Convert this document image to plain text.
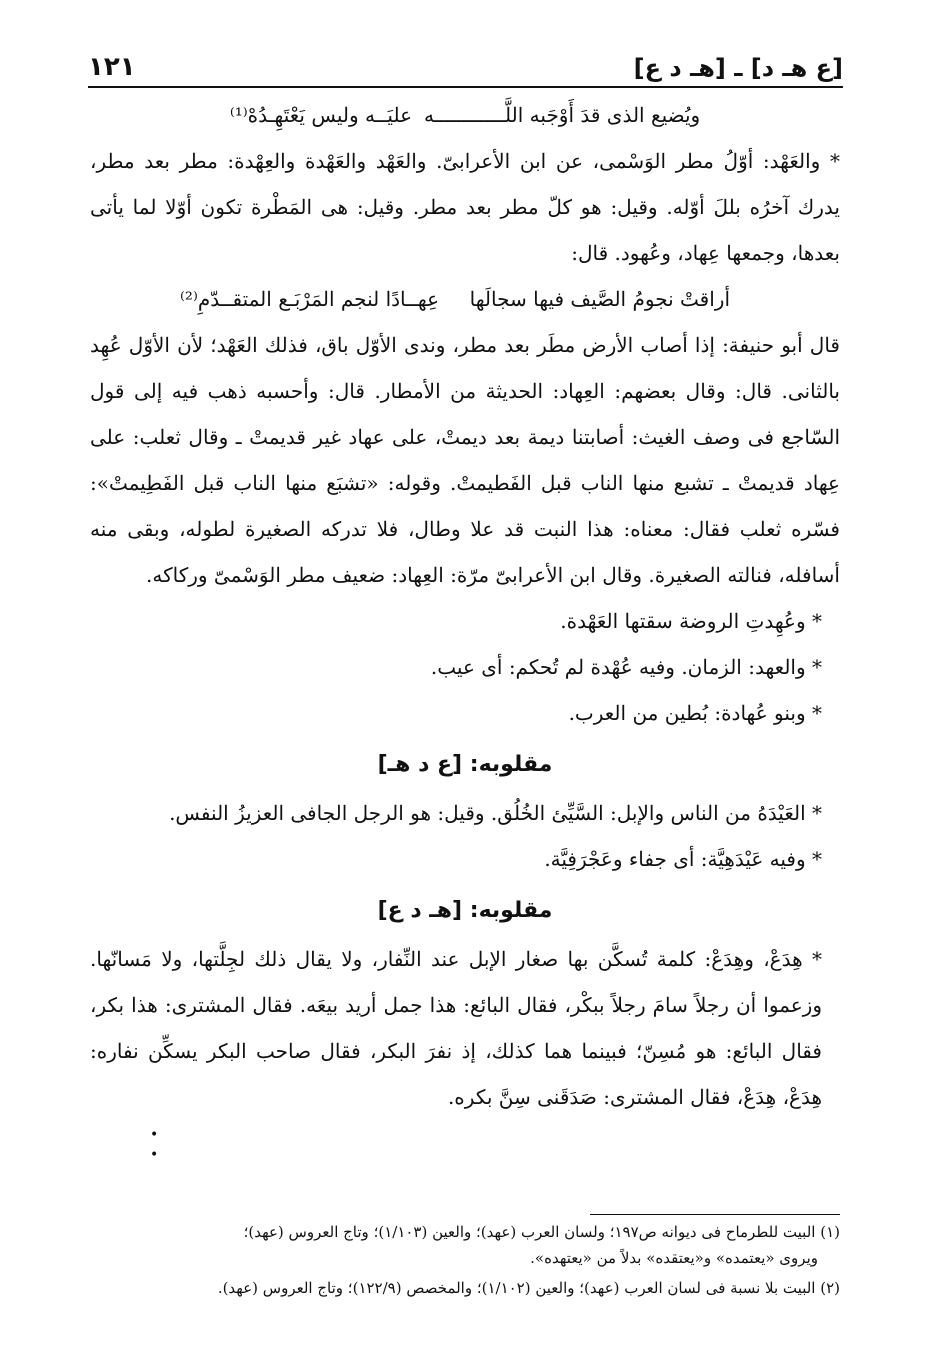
[ع هـ د] ـ [هـ د ع]
١٢١
ويُضيع الذى قدَ أَوْجَبه اللَّــــــــــــه
عليَــه وليس يَعْتَهِـدُهْ⁽¹⁾

* والعَهْد: أوّلُ مطر الوَسْمى، عن ابن الأعرابىّ. والعَهْد والعَهْدة والعِهْدة: مطر بعد مطر، يدرك آخرُه بللَ أوّله. وقيل: هو كلّ مطر بعد مطر. وقيل: هى المَطْرة تكون أوّلا لما يأتى بعدها، وجمعها عِهاد، وعُهود. قال:

أراقتْ نجومُ الصَّيف فيها سجالَها
عِهــادًا لنجم المَرْبَـع المتقــدّمِ⁽²⁾

قال أبو حنيفة: إذا أصاب الأرض مطَر بعد مطر، وندى الأوّل باق، فذلك العَهْد؛ لأن الأوّل عُهِد بالثانى. قال: وقال بعضهم: العِهاد: الحديثة من الأمطار. قال: وأحسبه ذهب فيه إلى قول السّاجع فى وصف الغيث: أصابتنا ديمة بعد ديمتْ، على عهاد غير قديمتْ ـ وقال ثعلب: على عِهاد قديمتْ ـ تشبع منها الناب قبل الفَطيمتْ. وقوله: «تشبَع منها الناب قبل الفَطِيمتْ»: فسّره ثعلب فقال: معناه: هذا النبت قد علا وطال، فلا تدركه الصغيرة لطوله، وبقى منه أسافله، فنالته الصغيرة. وقال ابن الأعرابىّ مرّة: العِهاد: ضعيف مطر الوَسْمىّ وركاكه.

* وعُهِدتِ الروضة سقتها العَهْدة.

* والعهد: الزمان. وفيه عُهْدة لم تُحكم: أى عيب.

* وبنو عُهادة: بُطين من العرب.

مقلوبه: [ع د هـ]

* العَيْدَهُ من الناس والإبل: السَّيِّئ الخُلُق. وقيل: هو الرجل الجافى العزيزُ النفس.

* وفيه عَيْدَهِيَّة: أى جفاء وعَجْرَفِيَّة.

مقلوبه: [هـ د ع]

* هِدَعْ، وهِدَعْ: كلمة تُسكَّن بها صغار الإبل عند النِّفار، ولا يقال ذلك لجِلَّتها، ولا مَسانّها. وزعموا أن رجلاً سامَ رجلاً ببكْر، فقال البائع: هذا جمل أريد بيعَه. فقال المشترى: هذا بكر، فقال البائع: هو مُسِنّ؛ فبينما هما كذلك، إذ نفرَ البكر، فقال صاحب البكر يسكِّن نفاره: هِدَعْ، هِدَعْ، فقال المشترى: صَدَقَنى سِنَّ بكره.

•
•

(١) البيت للطرماح فى ديوانه ص١٩٧؛ ولسان العرب (عهد)؛ والعين (١/١٠٣)؛ وتاج العروس (عهد)؛

ويروى «يعتمده» و«يعتقده» بدلاً من «يعتهده».

(٢) البيت بلا نسبة فى لسان العرب (عهد)؛ والعين (١/١٠٢)؛ والمخصص (١٢٢/٩)؛ وتاج العروس (عهد).
